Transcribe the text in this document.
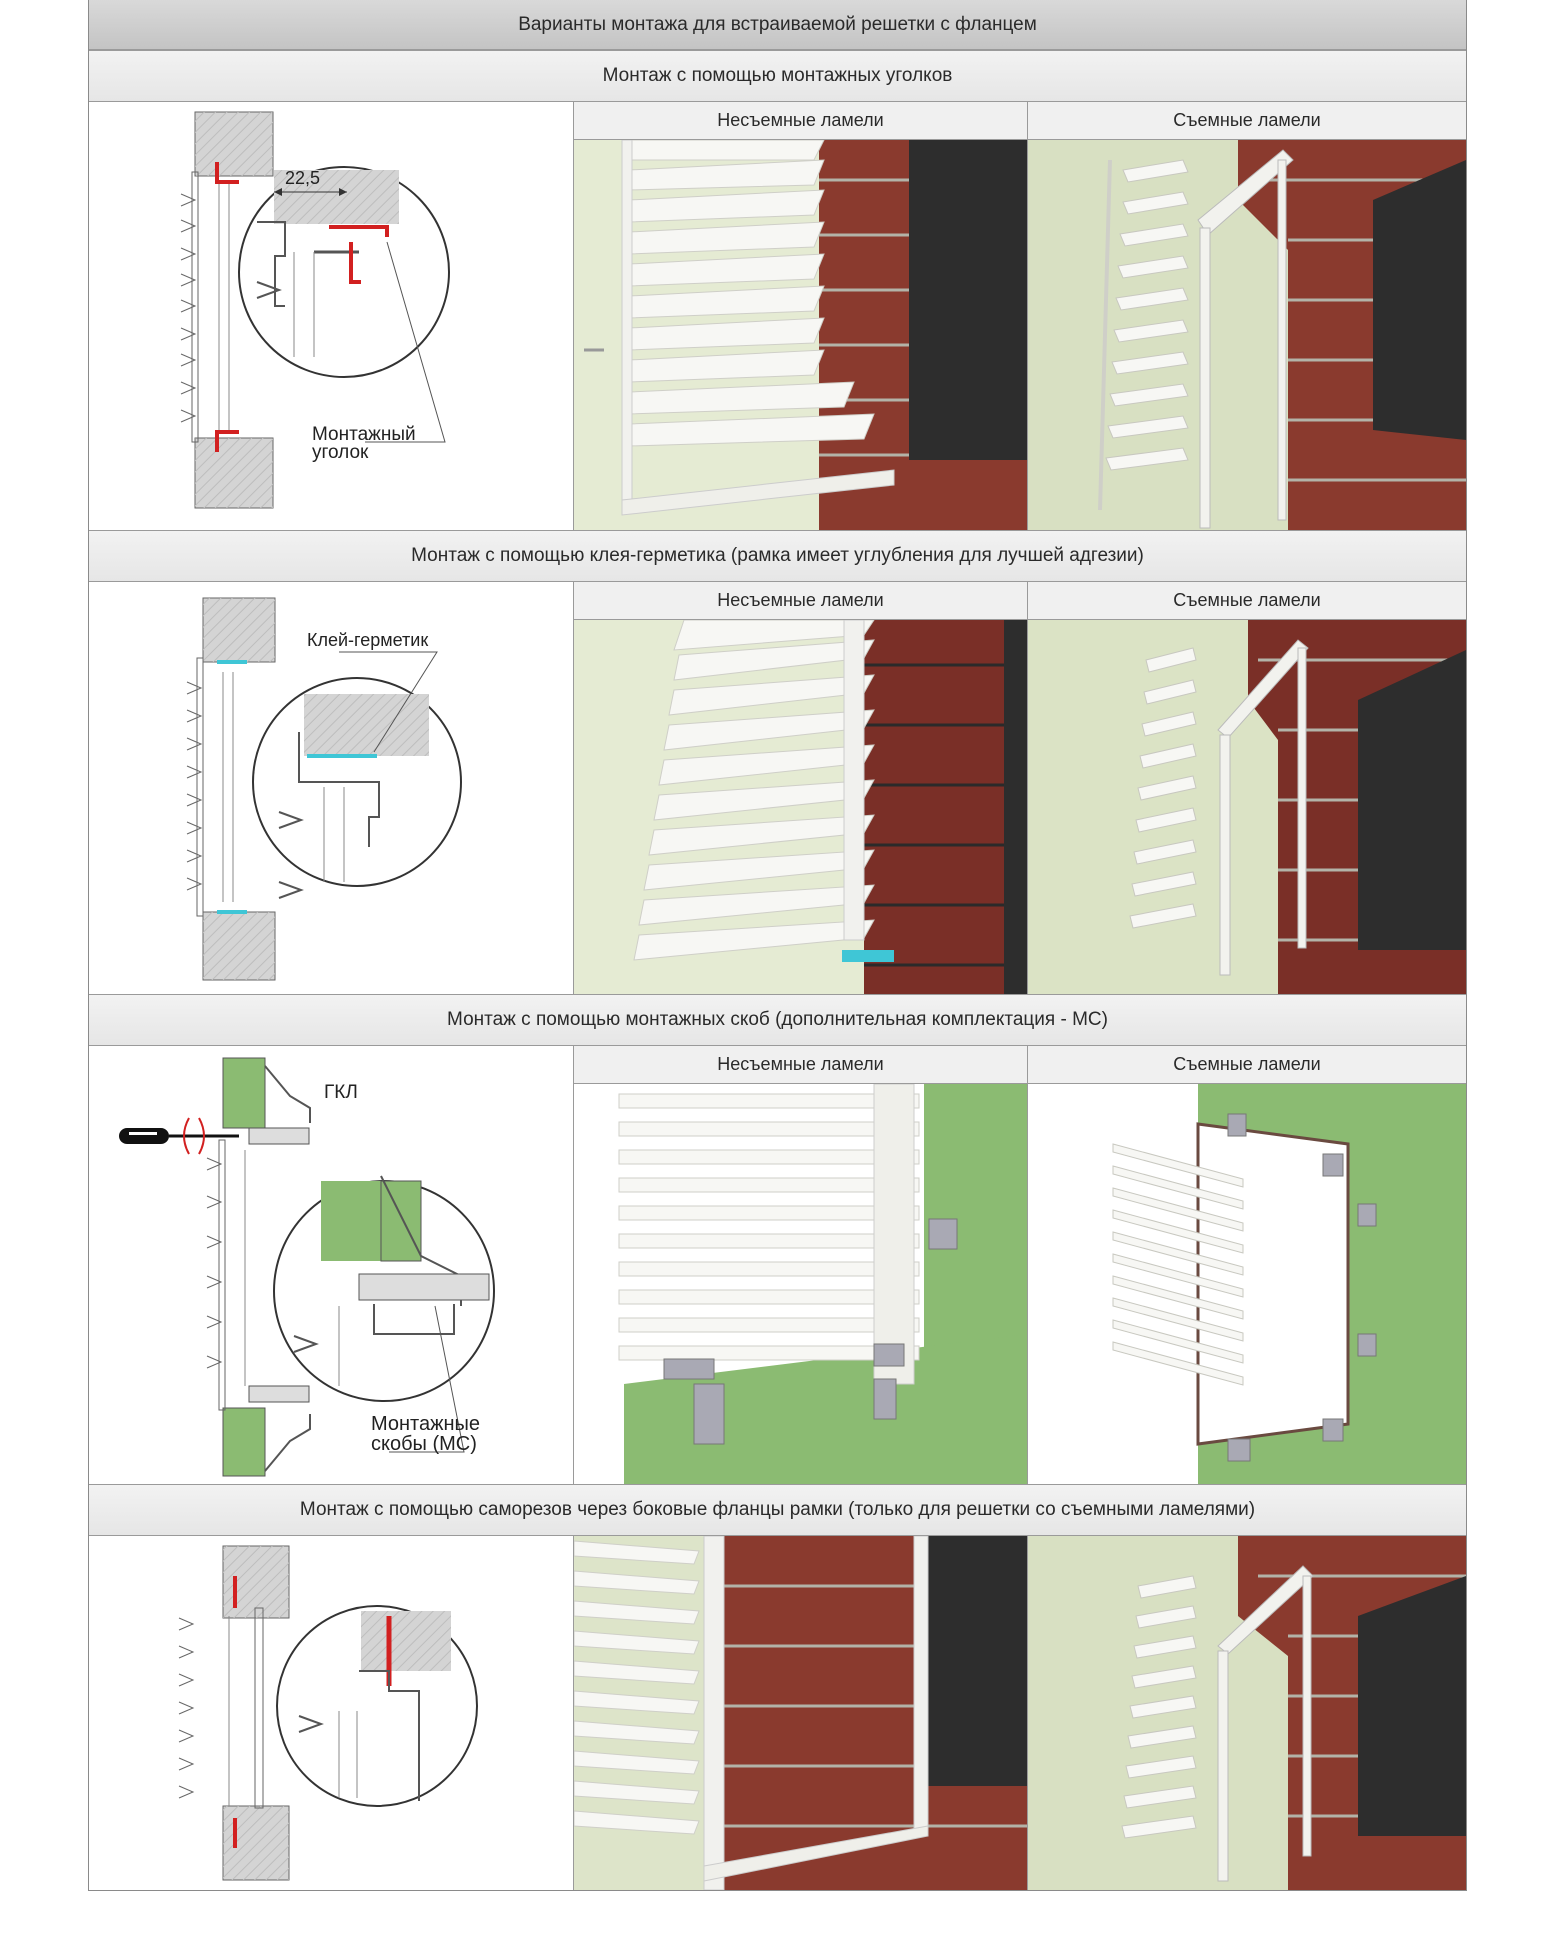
Варианты монтажа для встраиваемой решетки с фланцем
Монтаж с помощью монтажных уголков
22,5
Монтажный
уголок
Несъемные ламели	Съемные ламели
Монтаж с помощью клея-герметика (рамка имеет углубления для лучшей адгезии)
Клей-герметик
Несъемные ламели	Съемные ламели
Монтаж с помощью монтажных скоб (дополнительная комплектация - МС)
ГКЛ
Монтажные
скобы (МС)
Несъемные ламели	Съемные ламели
Монтаж с помощью саморезов через боковые фланцы рамки (только для решетки со съемными ламелями)
